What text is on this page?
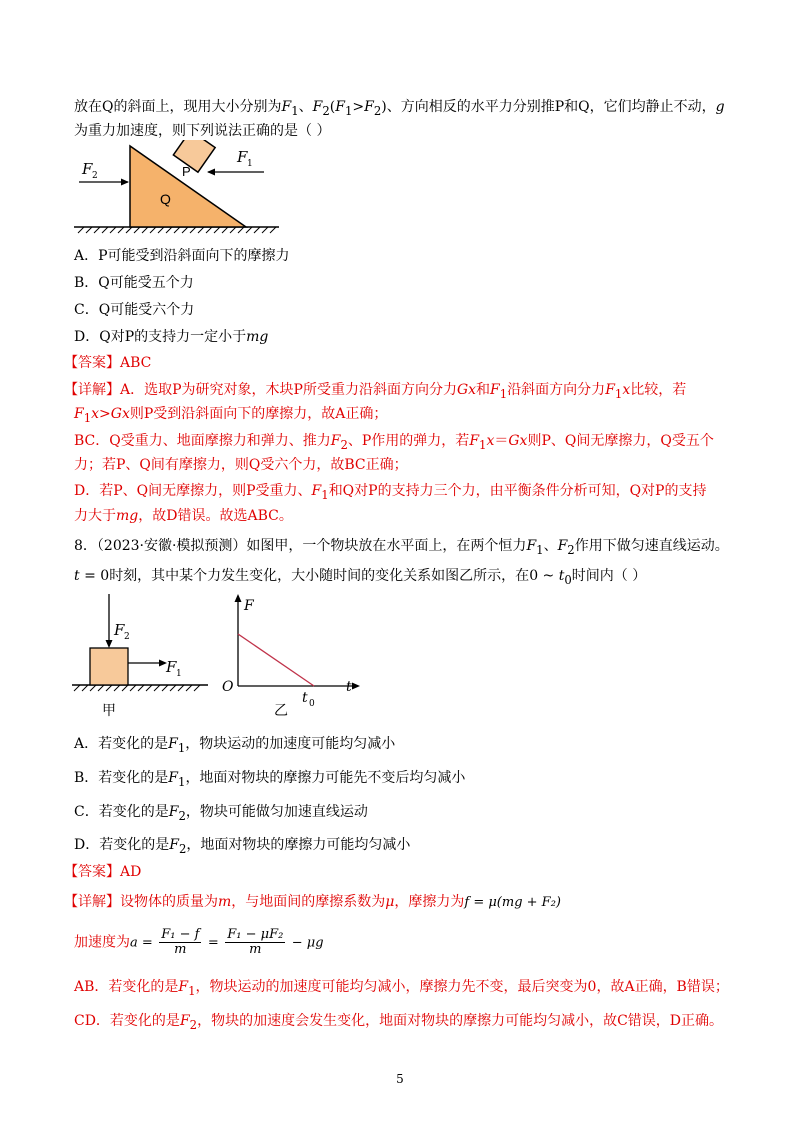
放在Q的斜面上，现用大小分别为$F_1$、$F_2(F_1>F_2)$、方向相反的水平力分别推P和Q，它们均静止不动，g
为重力加速度，则下列说法正确的是（ ）
F 2
F 1
P
Q
A．P可能受到沿斜面向下的摩擦力
B．Q可能受五个力
C．Q可能受六个力
D．Q对P的支持力一定小于mg
【答案】ABC
【详解】A．选取P为研究对象，木块P所受重力沿斜面方向分力Gx和$F_1$沿斜面方向分力$F_1x$比较，若
$F_1x>Gx$则P受到沿斜面向下的摩擦力，故A正确；
BC．Q受重力、地面摩擦力和弹力、推力$F_2$、P作用的弹力，若$F_1x=Gx$则P、Q间无摩擦力，Q受五个
力；若P、Q间有摩擦力，则Q受六个力，故BC正确；
D．若P、Q间无摩擦力，则P受重力、$F_1$和Q对P的支持力三个力，由平衡条件分析可知，Q对P的支持
力大于mg，故D错误。故选ABC。
8．（2023·安徽·模拟预测）如图甲，一个物块放在水平面上，在两个恒力$F_1$、$F_2$作用下做匀速直线运动。
t = 0时刻，其中某个力发生变化，大小随时间的变化关系如图乙所示，在0 ~ $t_0$时间内（ ）
F 2
F 1
甲
F
t
O
t 0
乙
A．若变化的是$F_1$，物块运动的加速度可能均匀减小
B．若变化的是$F_1$，地面对物块的摩擦力可能先不变后均匀减小
C．若变化的是$F_2$，物块可能做匀加速直线运动
D．若变化的是$F_2$，地面对物块的摩擦力可能均匀减小
【答案】AD
【详解】设物体的质量为m，与地面间的摩擦系数为μ，摩擦力为f = μ(mg + F₂)
加速度为$a = \frac{\text{F₁ − f}}{m} = \frac{\text{F₁ − μF₂}}{m} - \mu g$
AB．若变化的是$F_1$，物块运动的加速度可能均匀减小，摩擦力先不变，最后突变为0，故A正确，B错误；
CD．若变化的是$F_2$，物块的加速度会发生变化，地面对物块的摩擦力可能均匀减小，故C错误，D正确。
5
